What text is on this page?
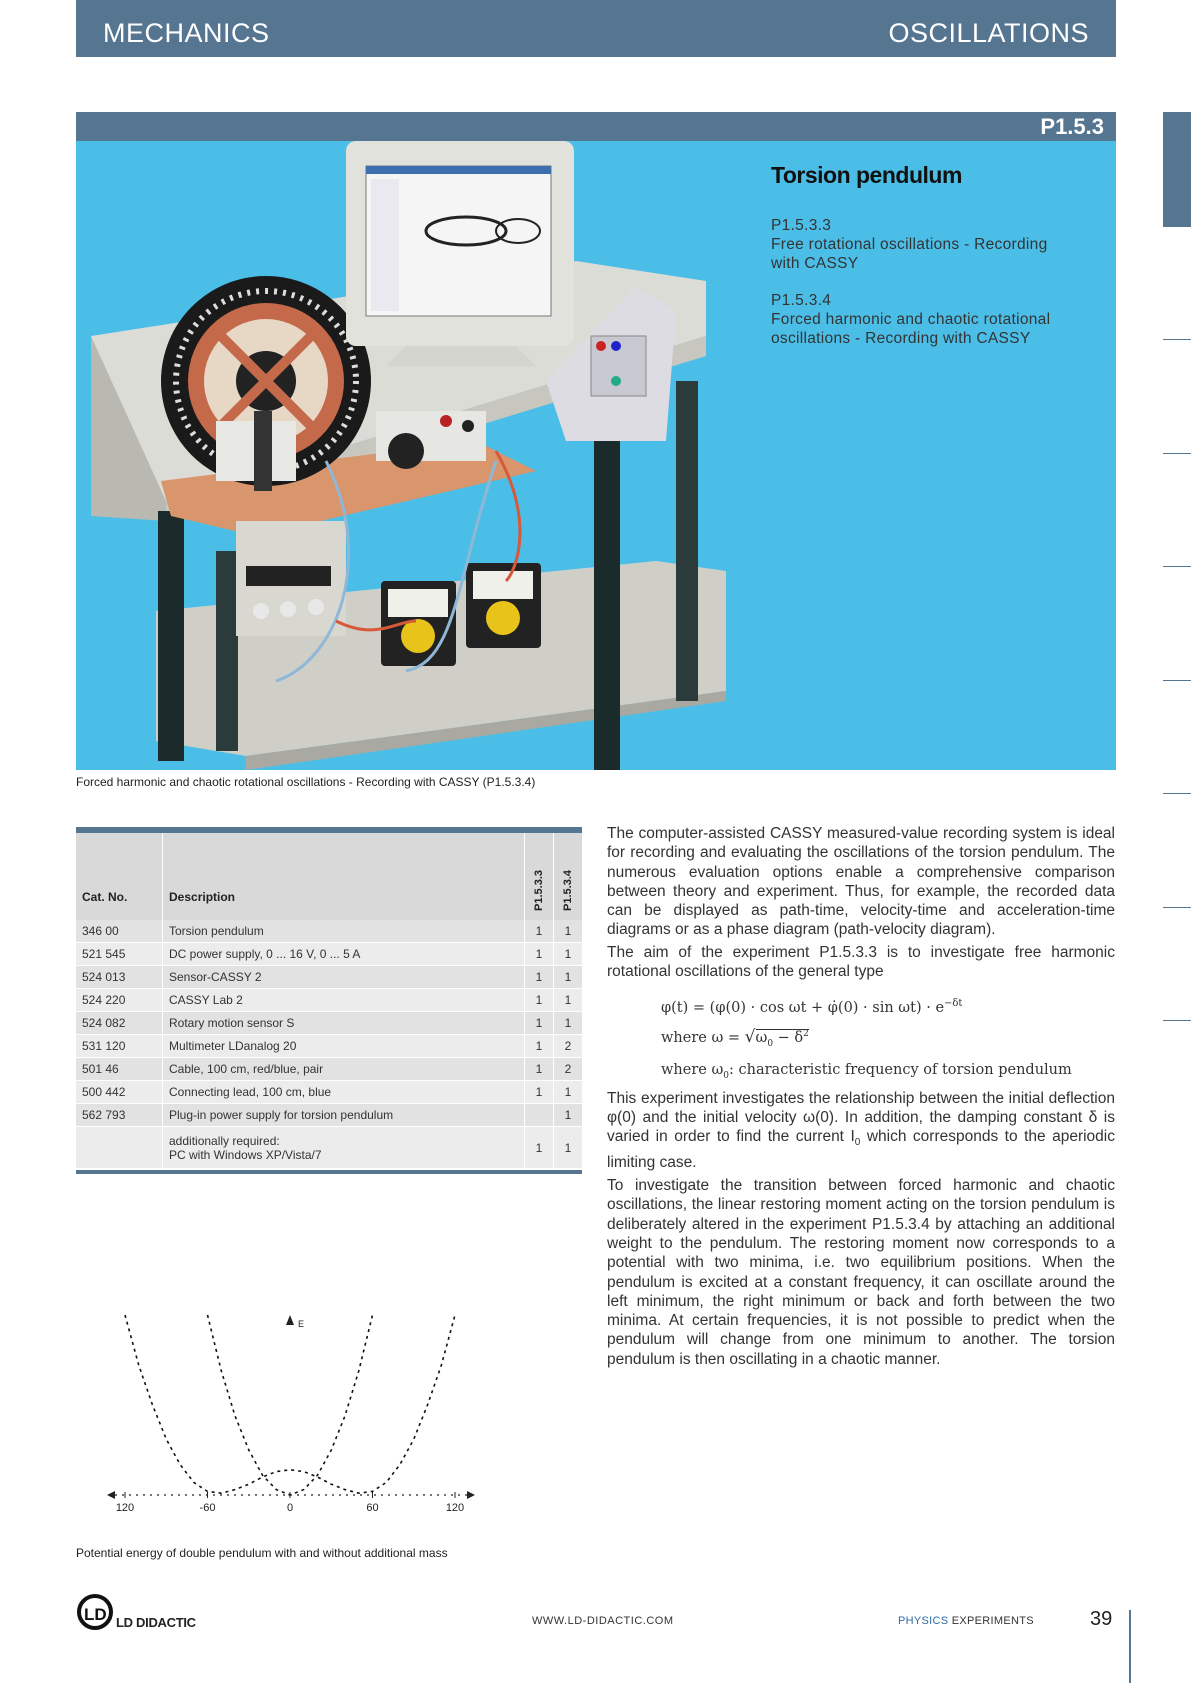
MECHANICS	OSCILLATIONS
P1.5.3
Torsion pendulum
P1.5.3.3
Free rotational oscillations - Recording
with CASSY
P1.5.3.4
Forced harmonic and chaotic rotational
oscillations - Recording with CASSY
Forced harmonic and chaotic rotational oscillations - Recording with CASSY (P1.5.3.4)
Cat. No.	Description	P1.5.3.3	P1.5.3.4
346 00	Torsion pendulum	1	1
521 545	DC power supply, 0 ... 16 V, 0 ... 5 A	1	1
524 013	Sensor-CASSY 2	1	1
524 220	CASSY Lab 2	1	1
524 082	Rotary motion sensor S	1	1
531 120	Multimeter LDanalog 20	1	2
501 46	Cable, 100 cm, red/blue, pair	1	2
500 442	Connecting lead, 100 cm, blue	1	1
562 793	Plug-in power supply for torsion pendulum		1

	additionally required:
PC with Windows XP/Vista/7	1	1
E
120	-60	0	60	120
Potential energy of double pendulum with and without additional mass

The computer-assisted CASSY measured-value recording system is ideal for recording and evaluating the oscillations of the torsion pendulum. The numerous evaluation options enable a comprehensive comparison between theory and experiment. Thus, for example, the recorded data can be displayed as path-time, velocity-time and acceleration-time diagrams or as a phase diagram (path-velocity diagram).

The aim of the experiment P1.5.3.3 is to investigate free harmonic rotational oscillations of the general type

φ(t) = (φ(0) · cos ωt + φ̇(0) · $\sin \omega t) \cdot e^{-\delta t}$
where $\omega = √\omega_0 - \delta^2$
where $\omega_0$: characteristic frequency of torsion pendulum

This experiment investigates the relationship between the initial deflection φ(0) and the initial velocity ω(0). In addition, the damping constant δ is varied in order to find the current $I_0$ which corresponds to the aperiodic limiting case.

To investigate the transition between forced harmonic and chaotic oscillations, the linear restoring moment acting on the torsion pendulum is deliberately altered in the experiment P1.5.3.4 by attaching an additional weight to the pendulum. The restoring moment now corresponds to a potential with two minima, i.e. two equilibrium positions. When the pendulum is excited at a constant frequency, it can oscillate around the left minimum, the right minimum or back and forth between the two minima. At certain frequencies, it is not possible to predict when the pendulum will change from one minimum to another. The torsion pendulum is then oscillating in a chaotic manner.

LD LD DIDACTIC	WWW.LD-DIDACTIC.COM	PHYSICS EXPERIMENTS	39
